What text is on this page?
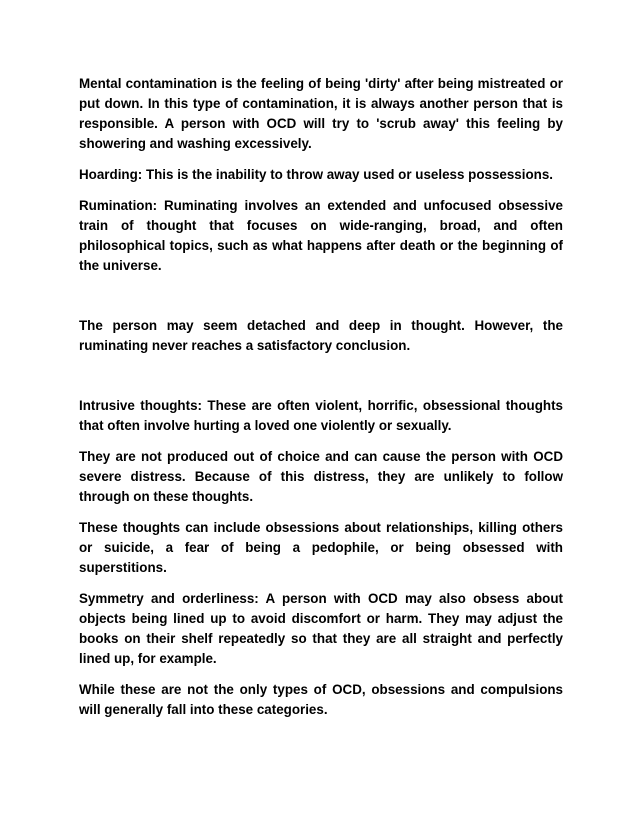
Mental contamination is the feeling of being 'dirty' after being mistreated or put down. In this type of contamination, it is always another person that is responsible. A person with OCD will try to 'scrub away' this feeling by showering and washing excessively.

Hoarding: This is the inability to throw away used or useless possessions.

Rumination: Ruminating involves an extended and unfocused obsessive train of thought that focuses on wide-ranging, broad, and often philosophical topics, such as what happens after death or the beginning of the universe.

The person may seem detached and deep in thought. However, the ruminating never reaches a satisfactory conclusion.

Intrusive thoughts: These are often violent, horrific, obsessional thoughts that often involve hurting a loved one violently or sexually.

They are not produced out of choice and can cause the person with OCD severe distress. Because of this distress, they are unlikely to follow through on these thoughts.

These thoughts can include obsessions about relationships, killing others or suicide, a fear of being a pedophile, or being obsessed with superstitions.

Symmetry and orderliness: A person with OCD may also obsess about objects being lined up to avoid discomfort or harm. They may adjust the books on their shelf repeatedly so that they are all straight and perfectly lined up, for example.

While these are not the only types of OCD, obsessions and compulsions will generally fall into these categories.
